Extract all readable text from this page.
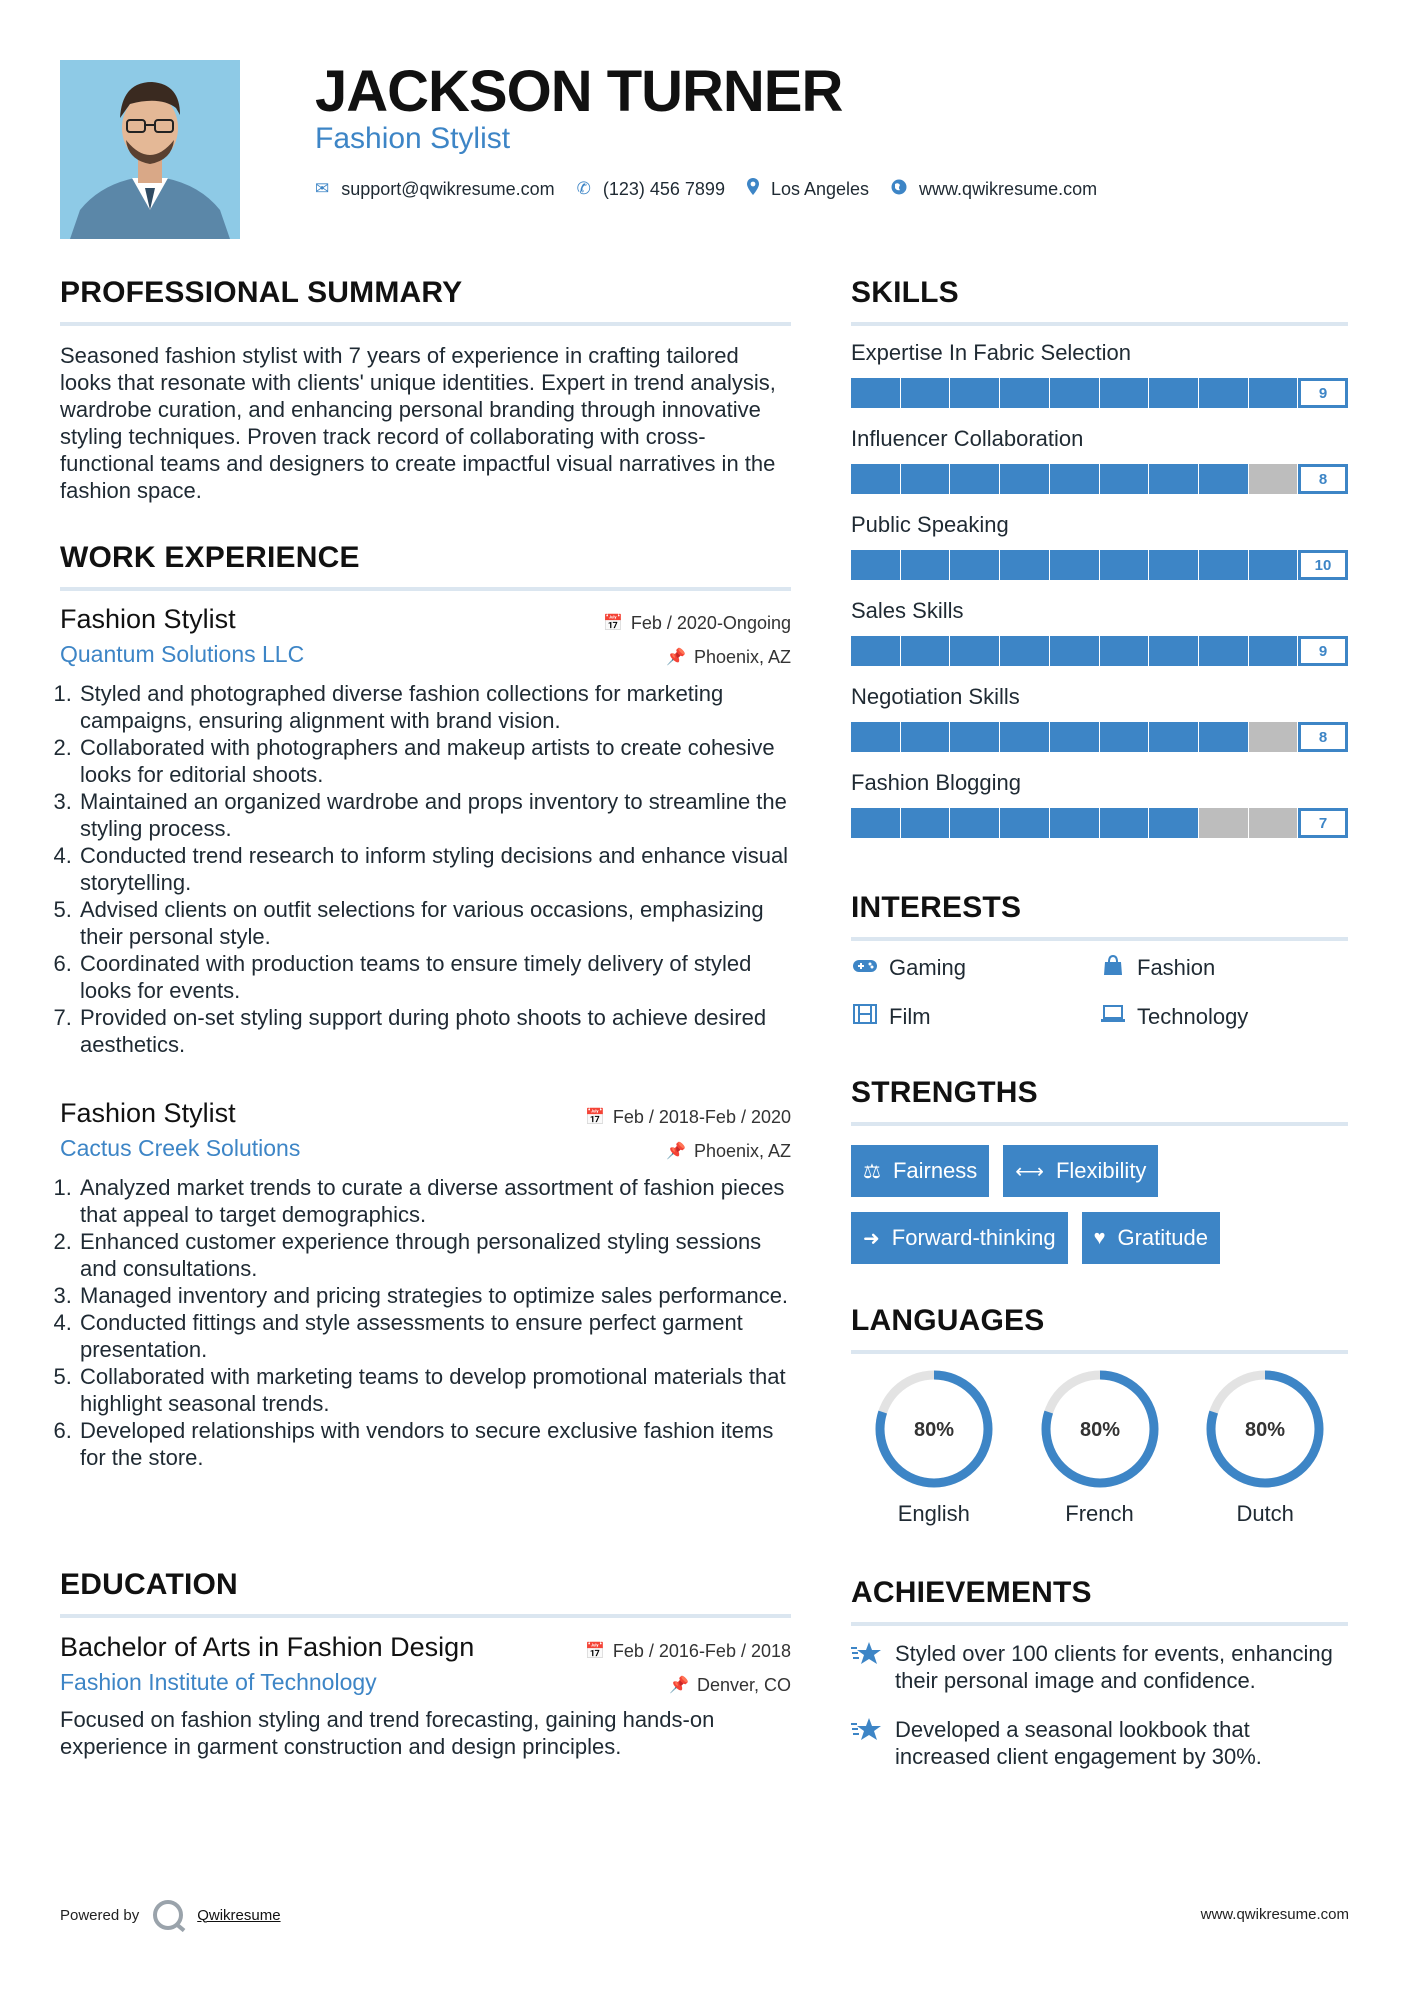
JACKSON TURNER
Fashion Stylist
✉ support@qwikresume.com ✆ (123) 456 7899	Los Angeles	www.qwikresume.com
PROFESSIONAL SUMMARY
Seasoned fashion stylist with 7 years of experience in crafting tailored looks that resonate with clients' unique identities. Expert in trend analysis, wardrobe curation, and enhancing personal branding through innovative styling techniques. Proven track record of collaborating with cross-functional teams and designers to create impactful visual narratives in the fashion space.
WORK EXPERIENCE
Fashion Stylist	📅 Feb / 2020-Ongoing
Quantum Solutions LLC	📌 Phoenix, AZ
1. Styled and photographed diverse fashion collections for marketing campaigns, ensuring alignment with brand vision.
2. Collaborated with photographers and makeup artists to create cohesive looks for editorial shoots.
3. Maintained an organized wardrobe and props inventory to streamline the styling process.
4. Conducted trend research to inform styling decisions and enhance visual storytelling.
5. Advised clients on outfit selections for various occasions, emphasizing their personal style.
6. Coordinated with production teams to ensure timely delivery of styled looks for events.
7. Provided on-set styling support during photo shoots to achieve desired aesthetics.
Fashion Stylist	📅 Feb / 2018-Feb / 2020
Cactus Creek Solutions	📌 Phoenix, AZ
1. Analyzed market trends to curate a diverse assortment of fashion pieces that appeal to target demographics.
2. Enhanced customer experience through personalized styling sessions and consultations.
3. Managed inventory and pricing strategies to optimize sales performance.
4. Conducted fittings and style assessments to ensure perfect garment presentation.
5. Collaborated with marketing teams to develop promotional materials that highlight seasonal trends.
6. Developed relationships with vendors to secure exclusive fashion items for the store.
EDUCATION
Bachelor of Arts in Fashion Design	📅 Feb / 2016-Feb / 2018
Fashion Institute of Technology	📌 Denver, CO
Focused on fashion styling and trend forecasting, gaining hands-on experience in garment construction and design principles.
SKILLS
Expertise In Fabric Selection
9
Influencer Collaboration
8
Public Speaking
10
Sales Skills
9
Negotiation Skills
8
Fashion Blogging
7
INTERESTS
Gaming	Fashion
Film	Technology
STRENGTHS
⚖ Fairness ⟷ Flexibility
➜ Forward-thinking ♥ Gratitude
LANGUAGES
80%
English
80%
French
80%
Dutch
ACHIEVEMENTS
Styled over 100 clients for events, enhancing their personal image and confidence.
Developed a seasonal lookbook that increased client engagement by 30%.
Powered by	Qwikresume	www.qwikresume.com
